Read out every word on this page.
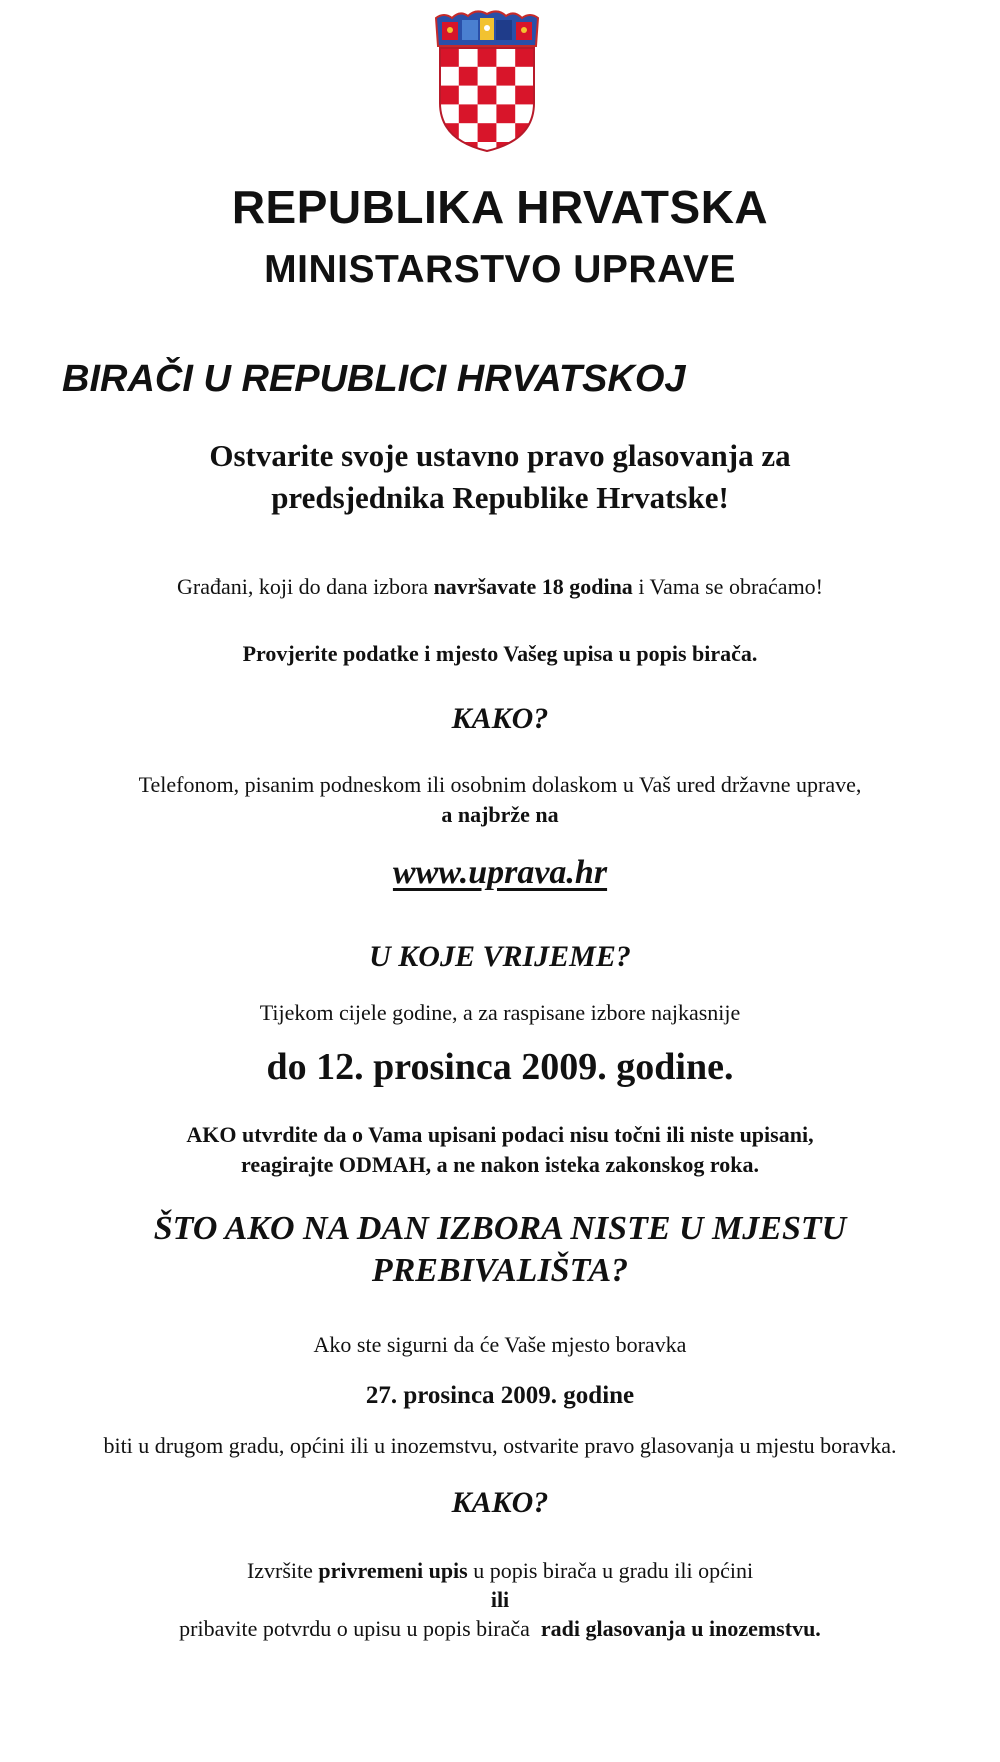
REPUBLIKA HRVATSKA
MINISTARSTVO UPRAVE
BIRAČI U REPUBLICI HRVATSKOJ
Ostvarite svoje ustavno pravo glasovanja za
predsjednika Republike Hrvatske!
Građani, koji do dana izbora navršavate 18 godina i Vama se obraćamo!
Provjerite podatke i mjesto Vašeg upisa u popis birača.
KAKO?
Telefonom, pisanim podneskom ili osobnim dolaskom u Vaš ured državne uprave,
a najbrže na
www.uprava.hr
U KOJE VRIJEME?
Tijekom cijele godine, a za raspisane izbore najkasnije
do 12. prosinca 2009. godine.
AKO utvrdite da o Vama upisani podaci nisu točni ili niste upisani,
reagirajte ODMAH, a ne nakon isteka zakonskog roka.
ŠTO AKO NA DAN IZBORA NISTE U MJESTU
PREBIVALIŠTA?
Ako ste sigurni da će Vaše mjesto boravka
27. prosinca 2009. godine
biti u drugom gradu, općini ili u inozemstvu, ostvarite pravo glasovanja u mjestu boravka.
KAKO?
Izvršite privremeni upis u popis birača u gradu ili općini
ili
pribavite potvrdu o upisu u popis birača  radi glasovanja u inozemstvu.
